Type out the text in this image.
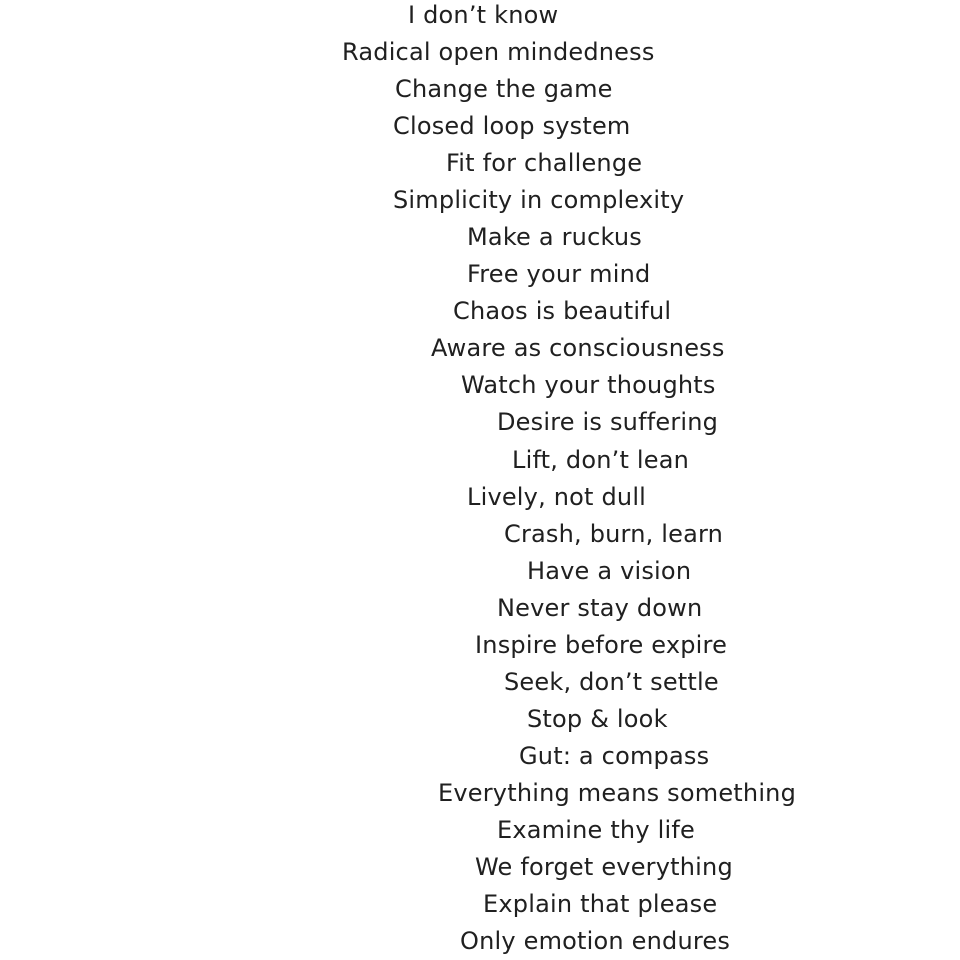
I don’t know
Radical open mindedness
Change the game
Closed loop system
Fit for challenge
Simplicity in complexity
Make a ruckus
Free your mind
Chaos is beautiful
Aware as consciousness
Watch your thoughts
Desire is suffering
Lift, don’t lean
Lively, not dull
Crash, burn, learn
Have a vision
Never stay down
Inspire before expire
Seek, don’t settle
Stop & look
Gut: a compass
Everything means something
Examine thy life
We forget everything
Explain that please
Only emotion endures
